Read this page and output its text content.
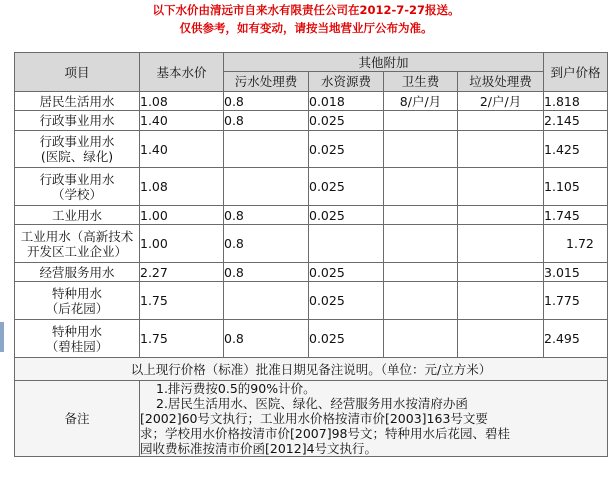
以下水价由清远市自来水有限责任公司在2012-7-27报送。
仅供参考，如有变动，请按当地营业厅公布为准。
项目	基本水价	其他附加				到户价格
		污水处理费	水资源费	卫生费	垃圾处理费	
居民生活用水	1.08	0.8	0.018	8/户/月	2/户/月	1.818
行政事业用水	1.40	0.8	0.025			2.145

行政事业用水
(医院、绿化)	1.40		0.025			1.425

行政事业用水
（学校）	1.08		0.025			1.105
工业用水	1.00	0.8	0.025			1.745

工业用水（高新技术
开发区工业企业）	1.00	0.8				1.72
经营服务用水	2.27	0.8	0.025			3.015

特种用水
（后花园）	1.75		0.025			1.775

特种用水
（碧桂园）	1.75	0.8	0.025			2.495
以上现行价格（标准）批准日期见备注说明。（单位：元/立方米）						
备注	1.排污费按0.5的90%计价。
2.居民生活用水、医院、绿化、经营服务用水按清府办函
[2002]60号文执行；工业用水价格按清市价[2003]163号文要
求；学校用水价格按清市价[2007]98号文；特种用水后花园、碧桂
园收费标准按清市价函[2012]4号文执行。					
